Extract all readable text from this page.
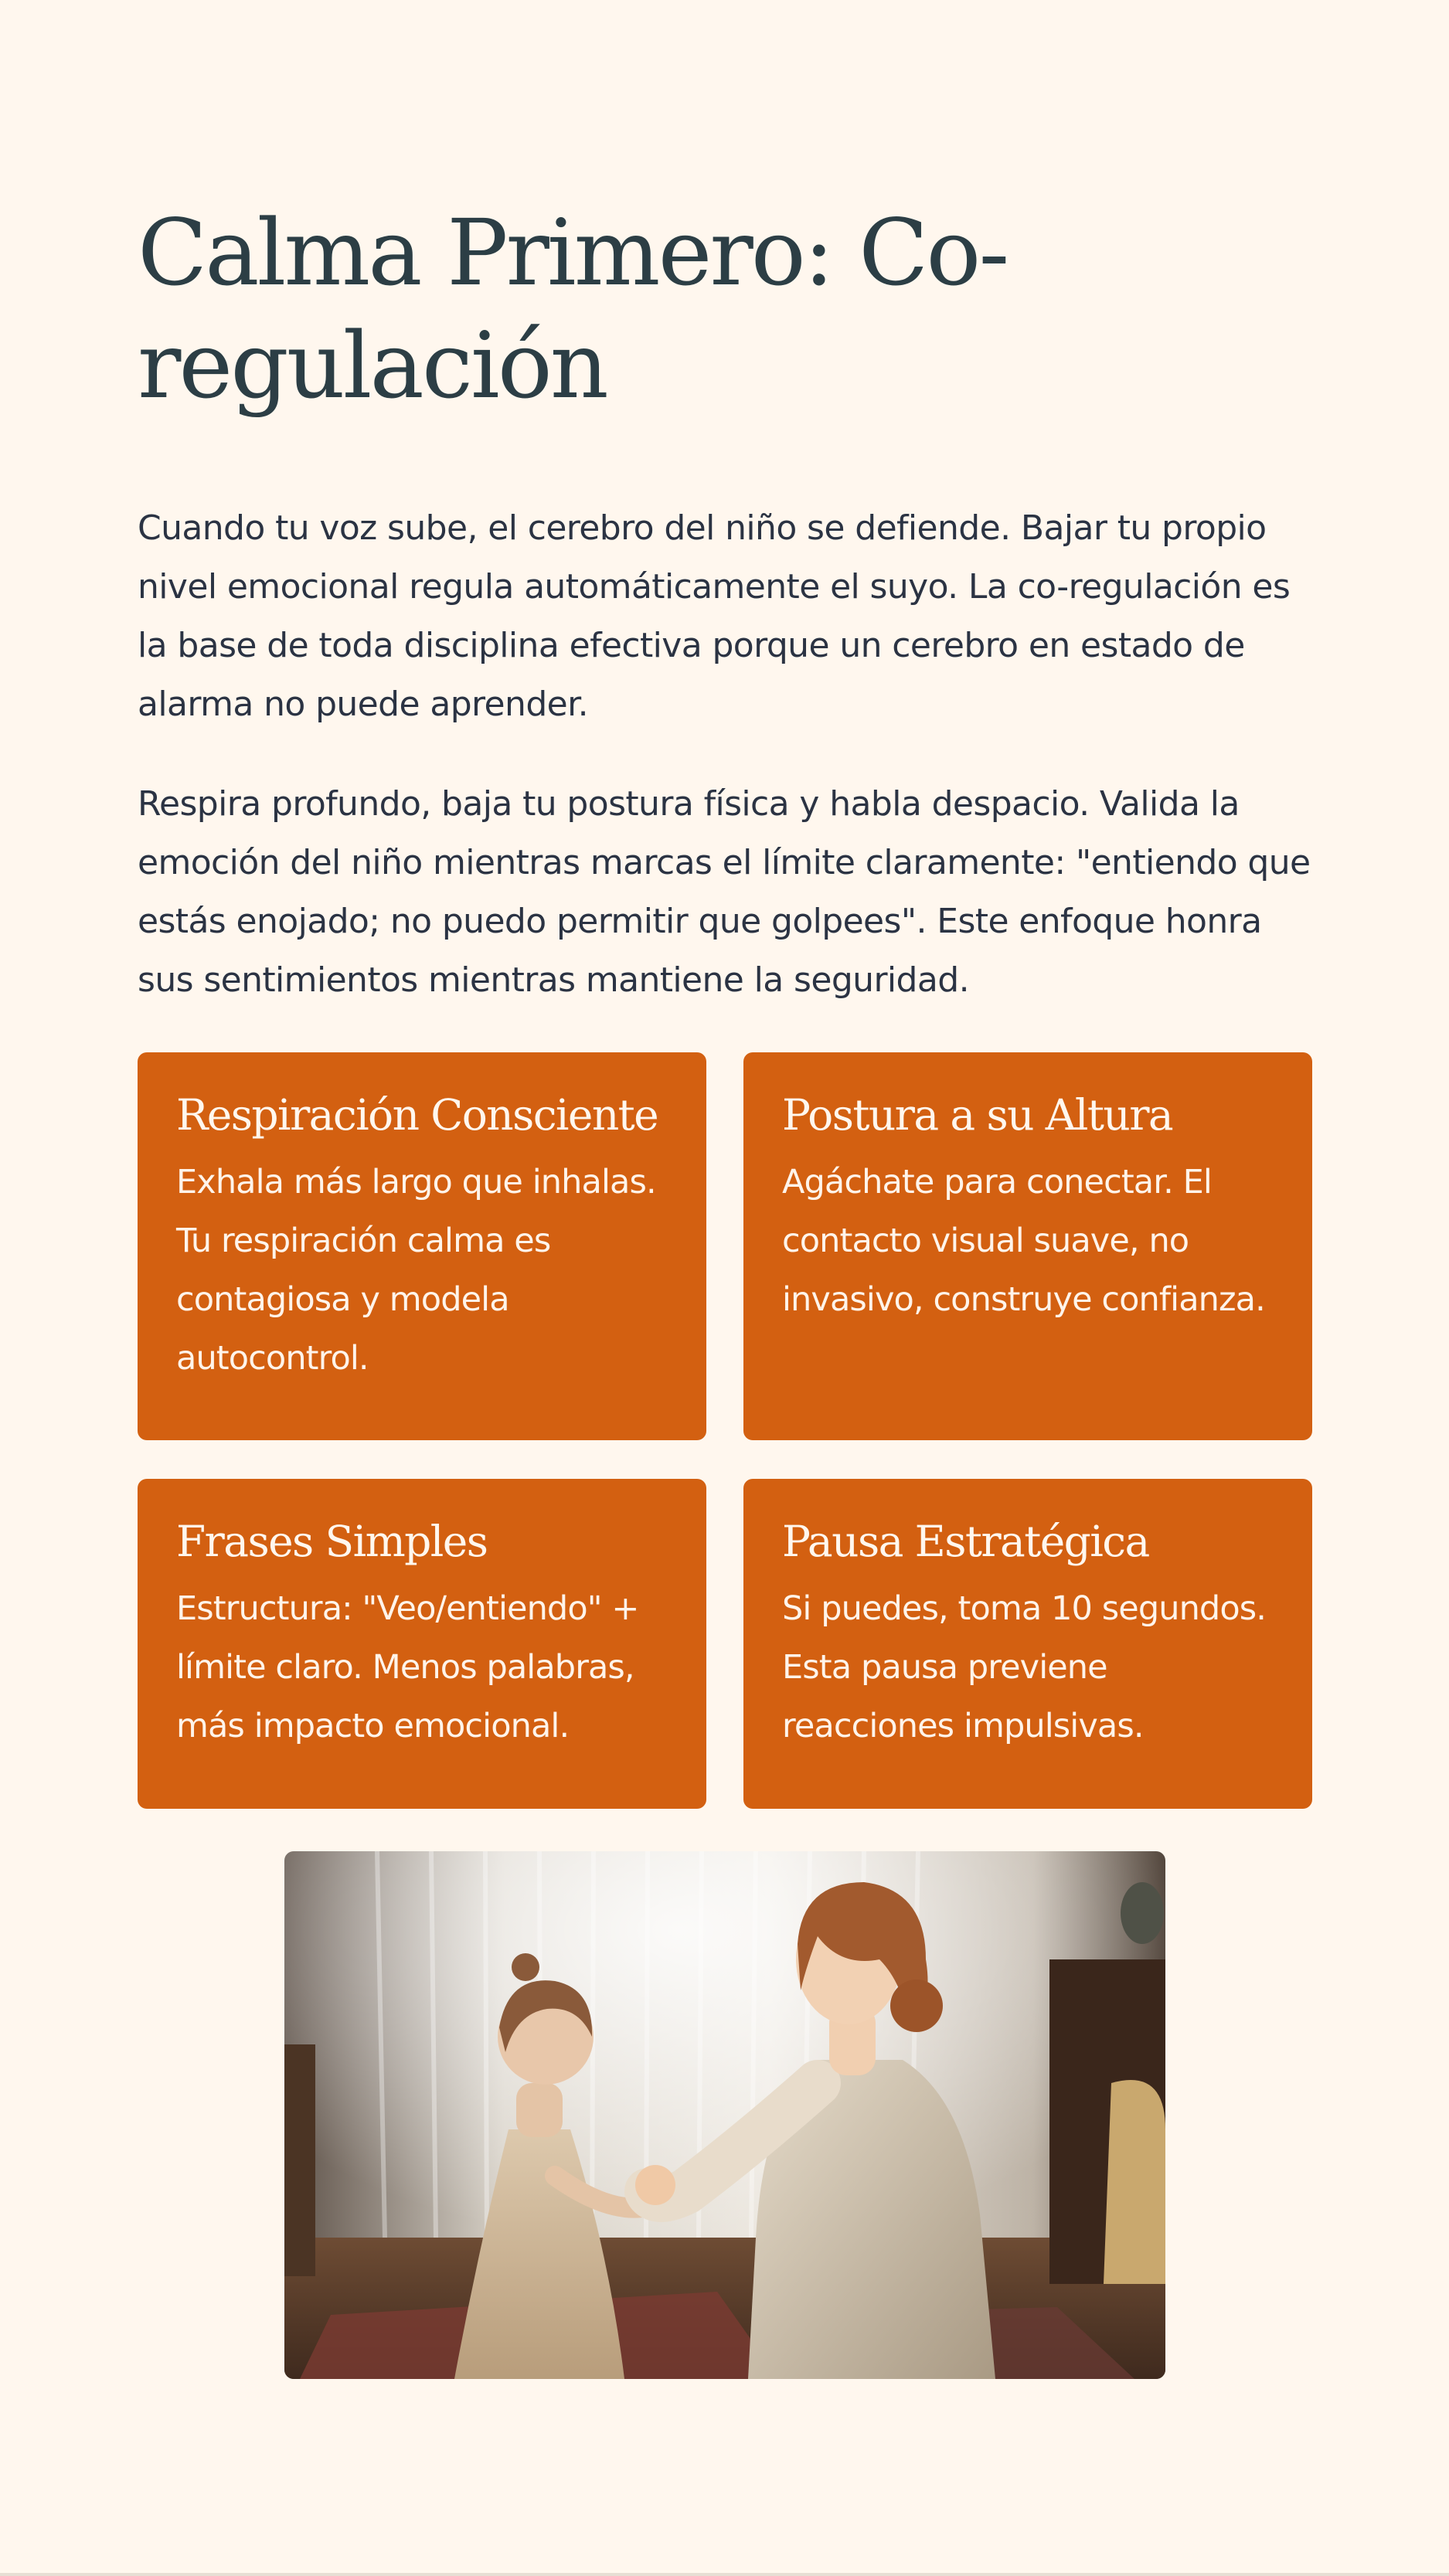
Calma Primero: Co-regulación

Cuando tu voz sube, el cerebro del niño se defiende. Bajar tu propio nivel emocional regula automáticamente el suyo. La co-regulación es la base de toda disciplina efectiva porque un cerebro en estado de alarma no puede aprender.

Respira profundo, baja tu postura física y habla despacio. Valida la emoción del niño mientras marcas el límite claramente: "entiendo que estás enojado; no puedo permitir que golpees". Este enfoque honra sus sentimientos mientras mantiene la seguridad.

Respiración Consciente

Exhala más largo que inhalas. Tu respiración calma es contagiosa y modela autocontrol.

Postura a su Altura

Agáchate para conectar. El contacto visual suave, no invasivo, construye confianza.

Frases Simples

Estructura: "Veo/entiendo" + límite claro. Menos palabras, más impacto emocional.

Pausa Estratégica

Si puedes, toma 10 segundos. Esta pausa previene reacciones impulsivas.
